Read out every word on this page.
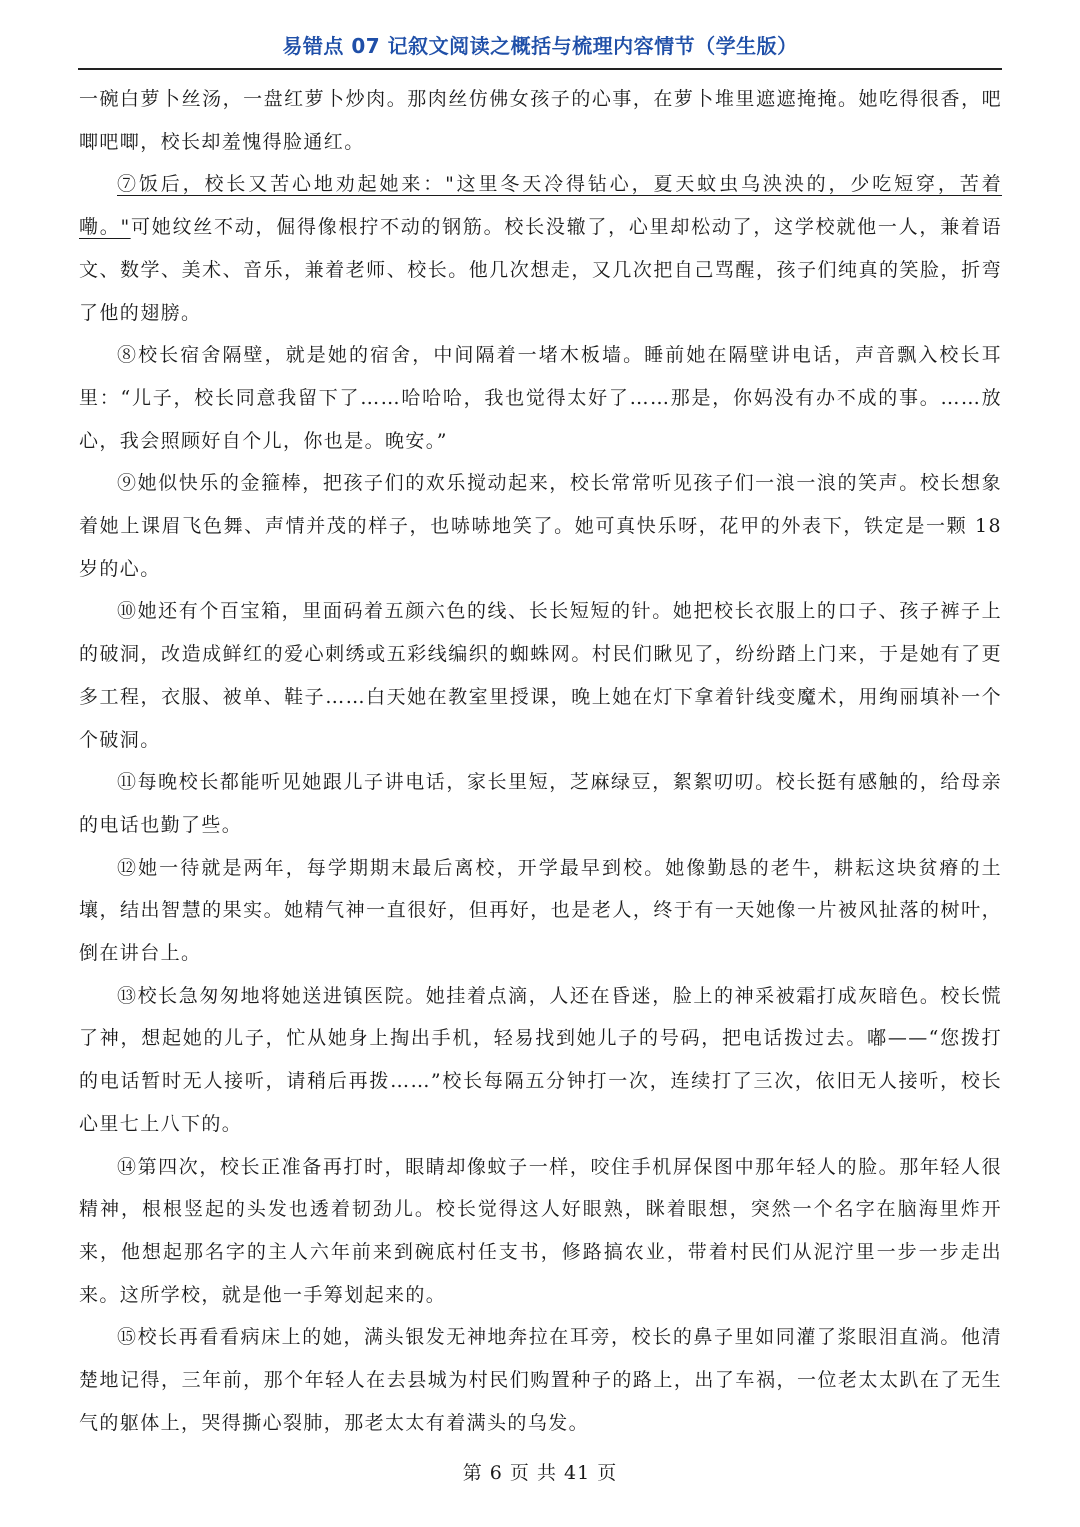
易错点 07 记叙文阅读之概括与梳理内容情节（学生版）

一碗白萝卜丝汤，一盘红萝卜炒肉。那肉丝仿佛女孩子的心事，在萝卜堆里遮遮掩掩。她吃得很香，吧唧吧唧，校长却羞愧得脸通红。

⑦饭后，校长又苦心地劝起她来："这里冬天冷得钻心，夏天蚊虫乌泱泱的，少吃短穿，苦着嘞。"可她纹丝不动，倔得像根拧不动的钢筋。校长没辙了，心里却松动了，这学校就他一人，兼着语文、数学、美术、音乐，兼着老师、校长。他几次想走，又几次把自己骂醒，孩子们纯真的笑脸，折弯了他的翅膀。

⑧校长宿舍隔壁，就是她的宿舍，中间隔着一堵木板墙。睡前她在隔壁讲电话，声音飘入校长耳里：“儿子，校长同意我留下了……哈哈哈，我也觉得太好了……那是，你妈没有办不成的事。……放心，我会照顾好自个儿，你也是。晚安。”

⑨她似快乐的金箍棒，把孩子们的欢乐搅动起来，校长常常听见孩子们一浪一浪的笑声。校长想象着她上课眉飞色舞、声情并茂的样子，也哧哧地笑了。她可真快乐呀，花甲的外表下，铁定是一颗 18 岁的心。

⑩她还有个百宝箱，里面码着五颜六色的线、长长短短的针。她把校长衣服上的口子、孩子裤子上的破洞，改造成鲜红的爱心刺绣或五彩线编织的蜘蛛网。村民们瞅见了，纷纷踏上门来，于是她有了更多工程，衣服、被单、鞋子……白天她在教室里授课，晚上她在灯下拿着针线变魔术，用绚丽填补一个个破洞。

⑪每晚校长都能听见她跟儿子讲电话，家长里短，芝麻绿豆，絮絮叨叨。校长挺有感触的，给母亲的电话也勤了些。

⑫她一待就是两年，每学期期末最后离校，开学最早到校。她像勤恳的老牛，耕耘这块贫瘠的土壤，结出智慧的果实。她精气神一直很好，但再好，也是老人，终于有一天她像一片被风扯落的树叶，倒在讲台上。

⑬校长急匆匆地将她送进镇医院。她挂着点滴，人还在昏迷，脸上的神采被霜打成灰暗色。校长慌了神，想起她的儿子，忙从她身上掏出手机，轻易找到她儿子的号码，把电话拨过去。嘟——“您拨打的电话暂时无人接听，请稍后再拨……”校长每隔五分钟打一次，连续打了三次，依旧无人接听，校长心里七上八下的。

⑭第四次，校长正准备再打时，眼睛却像蚊子一样，咬住手机屏保图中那年轻人的脸。那年轻人很精神，根根竖起的头发也透着韧劲儿。校长觉得这人好眼熟，眯着眼想，突然一个名字在脑海里炸开来，他想起那名字的主人六年前来到碗底村任支书，修路搞农业，带着村民们从泥泞里一步一步走出来。这所学校，就是他一手筹划起来的。

⑮校长再看看病床上的她，满头银发无神地奔拉在耳旁，校长的鼻子里如同灌了浆眼泪直淌。他清楚地记得，三年前，那个年轻人在去县城为村民们购置种子的路上，出了车祸，一位老太太趴在了无生气的躯体上，哭得撕心裂肺，那老太太有着满头的乌发。

第 6 页 共 41 页
